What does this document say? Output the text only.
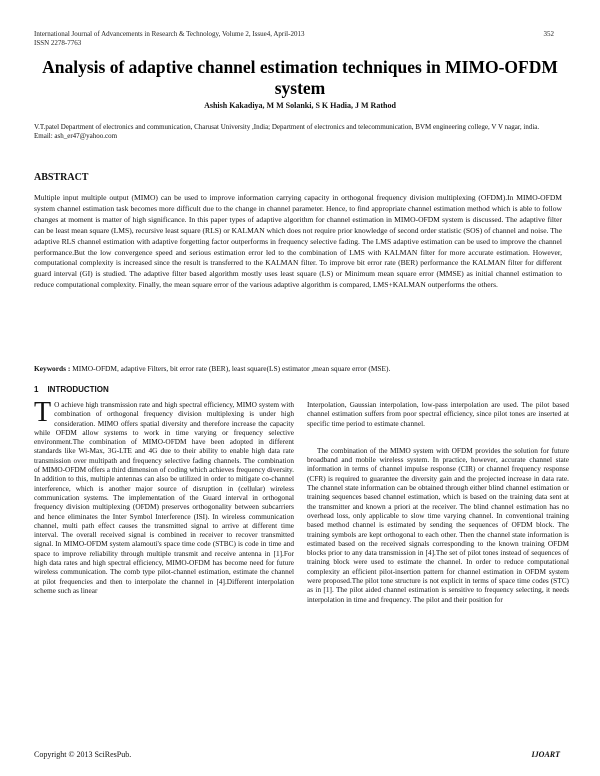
International Journal of Advancements in Research & Technology, Volume 2, Issue4, April-2013
ISSN 2278-7763
352
Analysis of adaptive channel estimation techniques in MIMO-OFDM system
Ashish Kakadiya, M M Solanki, S K Hadia, J M Rathod
V.T.patel Department of electronics and communication, Charusat University ,India; Department of electronics and telecommunication, BVM engineering college, V V nagar, india.
Email: ash_er47@yahoo.com
ABSTRACT
Multiple input multiple output (MIMO) can be used to improve information carrying capacity in orthogonal frequency division multiplexing (OFDM).In MIMO-OFDM system channel estimation task becomes more difficult due to the change in channel parameter. Hence, to find appropriate channel estimation method which is able to follow changes at moment is matter of high significance. In this paper types of adaptive algorithm for channel estimation in MIMO-OFDM system is discussed. The adaptive filter can be least mean square (LMS), recursive least square (RLS) or KALMAN which does not require prior knowledge of second order statistic (SOS) of channel and noise. The adaptive RLS channel estimation with adaptive forgetting factor outperforms in frequency selective fading. The LMS adaptive estimation can be used to improve the channel performance.But the low convergence speed and serious estimation error led to the combination of LMS with KALMAN filter for more accurate estimation. However, computational complexity is increased since the result is transferred to the KALMAN filter. To improve bit error rate (BER) performance the KALMAN filter for different guard interval (GI) is studied. The adaptive filter based algorithm mostly uses least square (LS) or Minimum mean square error (MMSE) as initial channel estimation to reduce computational complexity. Finally, the mean square error of the various adaptive algorithm is compared, LMS+KALMAN outperforms the others.
Keywords : MIMO-OFDM, adaptive Filters, bit error rate (BER), least square(LS) estimator ,mean square error (MSE).
1 INTRODUCTION

T O achieve high transmission rate and high spectral efficiency, MIMO system with combination of orthogonal frequency division multiplexing is under high consideration. MIMO offers spatial diversity and therefore increase the capacity while OFDM allow systems to work in time varying or frequency selective environment.The combination of MIMO-OFDM have been adopted in different standards like Wi-Max, 3G-LTE and 4G due to their ability to enable high data rate transmission over multipath and frequency selective fading channels. The combination of MIMO-OFDM offers a third dimension of coding which achieves frequency diversity. In addition to this, multiple antennas can also be utilized in order to mitigate co-channel interference, which is another major source of disruption in (cellular) wireless communication systems. The implementation of the Guard interval in orthogonal frequency division multiplexing (OFDM) preserves orthogonality between subcarriers and hence eliminates the Inter Symbol Interference (ISI). In wireless communication channel, multi path effect causes the transmitted signal to arrive at different time interval. The overall received signal is combined in receiver to recover transmitted signal. In MIMO-OFDM system alamouti's space time code (STBC) is code in time and space to improve reliability through multiple transmit and receive antenna in [1].For high data rates and high spectral efficiency, MIMO-OFDM has become need for future wireless communication. The comb type pilot-channel estimation, estimate the channel at pilot frequencies and then to interpolate the channel in [4].Different interpolation scheme such as linear

Interpolation, Gaussian interpolation, low-pass interpolation are used. The pilot based channel estimation suffers from poor spectral efficiency, since pilot tones are inserted at specific time period to estimate channel.

The combination of the MIMO system with OFDM provides the solution for future broadband and mobile wireless system. In practice, however, accurate channel state information in terms of channel impulse response (CIR) or channel frequency response (CFR) is required to guarantee the diversity gain and the projected increase in data rate. The channel state information can be obtained through either blind channel estimation or training sequences based channel estimation, which is based on the training data sent at the transmitter and known a priori at the receiver. The blind channel estimation has no overhead loss, only applicable to slow time varying channel. In conventional training based method channel is estimated by sending the sequences of OFDM block. The training symbols are kept orthogonal to each other. Then the channel state information is estimated based on the received signals corresponding to the known training OFDM blocks prior to any data transmission in [4].The set of pilot tones instead of sequences of training block were used to estimate the channel. In order to reduce computational complexity an efficient pilot-insertion pattern for channel estimation in OFDM system were proposed.The pilot tone structure is not explicit in terms of space time codes (STC) as in [1]. The pilot aided channel estimation is sensitive to frequency selecting, it needs interpolation in time and frequency. The pilot and their position for

Copyright © 2013 SciResPub.	IJOART
